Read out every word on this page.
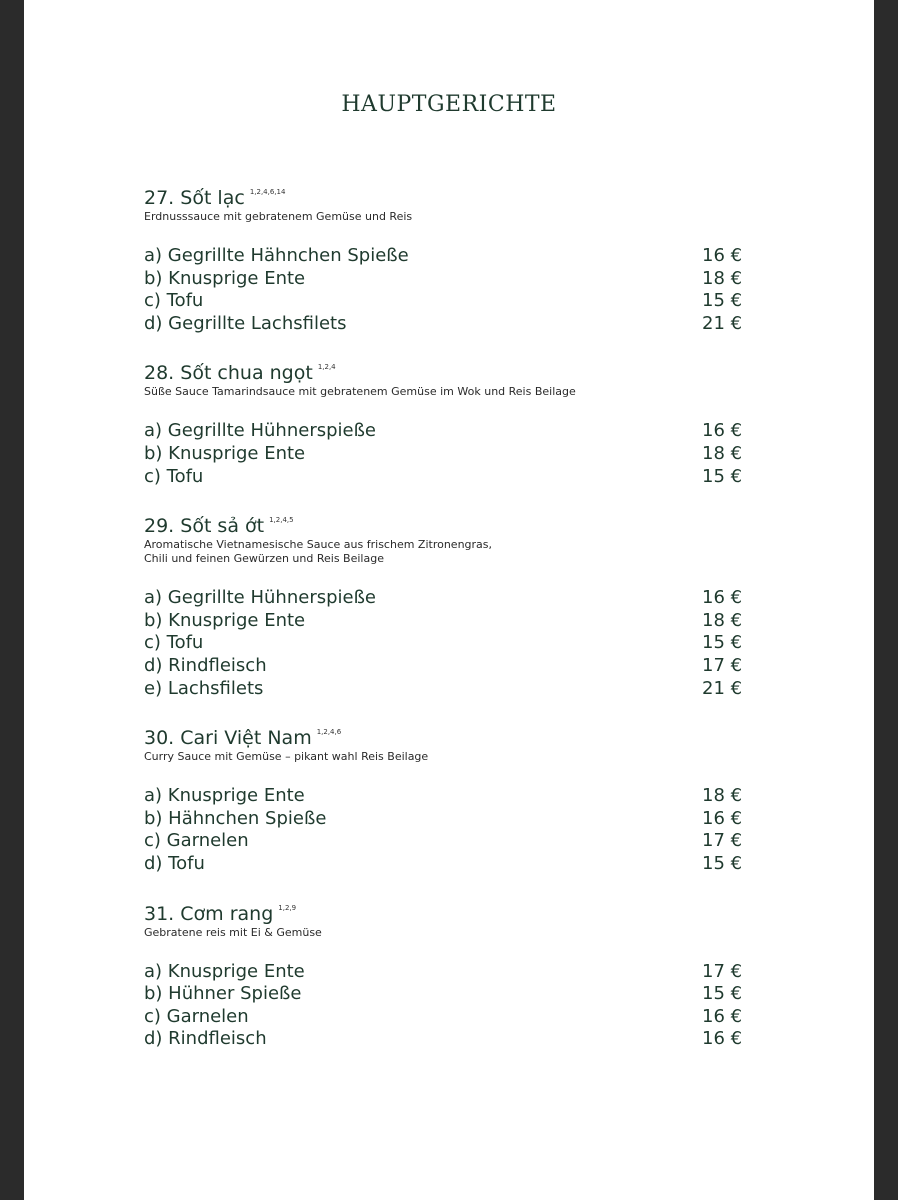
HAUPTGERICHTE
27. Sốt lạc $^{1,2,4,6,14}$
Erdnusssauce mit gebratenem Gemüse und Reis
a) Gegrillte Hähnchen Spieße	16 €
b) Knusprige Ente	18 €
c) Tofu	15 €
d) Gegrillte Lachsfilets	21 €
28. Sốt chua ngọt $^{1,2,4}$
Süße Sauce Tamarindsauce mit gebratenem Gemüse im Wok und Reis Beilage
a) Gegrillte Hühnerspieße	16 €
b) Knusprige Ente	18 €
c) Tofu	15 €
29. Sốt sả ớt $^{1,2,4,5}$
Aromatische Vietnamesische Sauce aus frischem Zitronengras,
Chili und feinen Gewürzen und Reis Beilage
a) Gegrillte Hühnerspieße	16 €
b) Knusprige Ente	18 €
c) Tofu	15 €
d) Rindfleisch	17 €
e) Lachsfilets	21 €
30. Cari Việt Nam $^{1,2,4,6}$
Curry Sauce mit Gemüse – pikant wahl Reis Beilage
a) Knusprige Ente	18 €
b) Hähnchen Spieße	16 €
c) Garnelen	17 €
d) Tofu	15 €
31. Cơm rang $^{1,2,9}$
Gebratene reis mit Ei & Gemüse
a) Knusprige Ente	17 €
b) Hühner Spieße	15 €
c) Garnelen	16 €
d) Rindfleisch	16 €
